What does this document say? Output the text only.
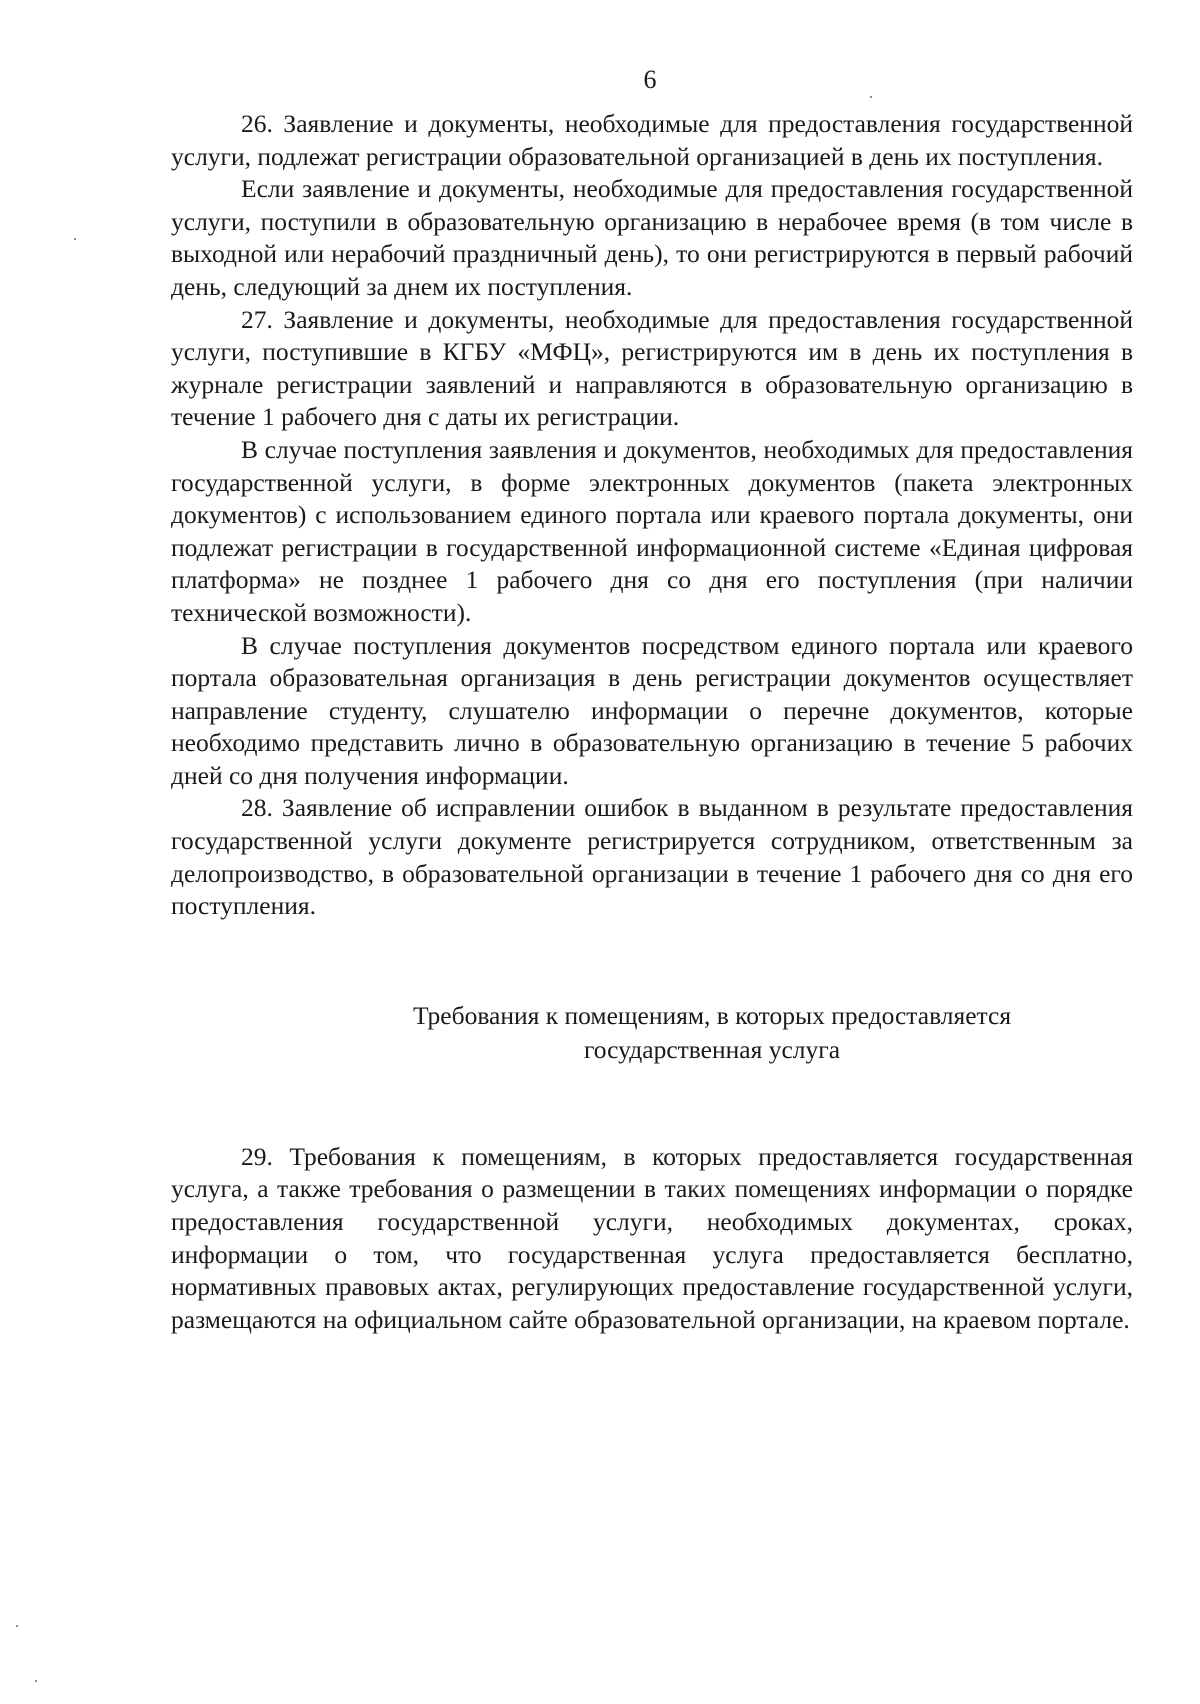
6

26. Заявление и документы, необходимые для предоставления государственной услуги, подлежат регистрации образовательной организацией в день их поступления.

Если заявление и документы, необходимые для предоставления государственной услуги, поступили в образовательную организацию в нерабочее время (в том числе в выходной или нерабочий праздничный день), то они регистрируются в первый рабочий день, следующий за днем их поступления.

27. Заявление и документы, необходимые для предоставления государственной услуги, поступившие в КГБУ «МФЦ», регистрируются им в день их поступления в журнале регистрации заявлений и направляются в образовательную организацию в течение 1 рабочего дня с даты их регистрации.

В случае поступления заявления и документов, необходимых для предоставления государственной услуги, в форме электронных документов (пакета электронных документов) с использованием единого портала или краевого портала документы, они подлежат регистрации в государственной информационной системе «Единая цифровая платформа» не позднее 1 рабочего дня со дня его поступления (при наличии технической возможности).

В случае поступления документов посредством единого портала или краевого портала образовательная организация в день регистрации документов осуществляет направление студенту, слушателю информации о перечне документов, которые необходимо представить лично в образовательную организацию в течение 5 рабочих дней со дня получения информации.

28. Заявление об исправлении ошибок в выданном в результате предоставления государственной услуги документе регистрируется сотрудником, ответственным за делопроизводство, в образовательной организации в течение 1 рабочего дня со дня его поступления.

Требования к помещениям, в которых предоставляется
государственная услуга

29. Требования к помещениям, в которых предоставляется государственная услуга, а также требования о размещении в таких помещениях информации о порядке предоставления государственной услуги, необходимых документах, сроках, информации о том, что государственная услуга предоставляется бесплатно, нормативных правовых актах, регулирующих предоставление государственной услуги, размещаются на официальном сайте образовательной организации, на краевом портале.
